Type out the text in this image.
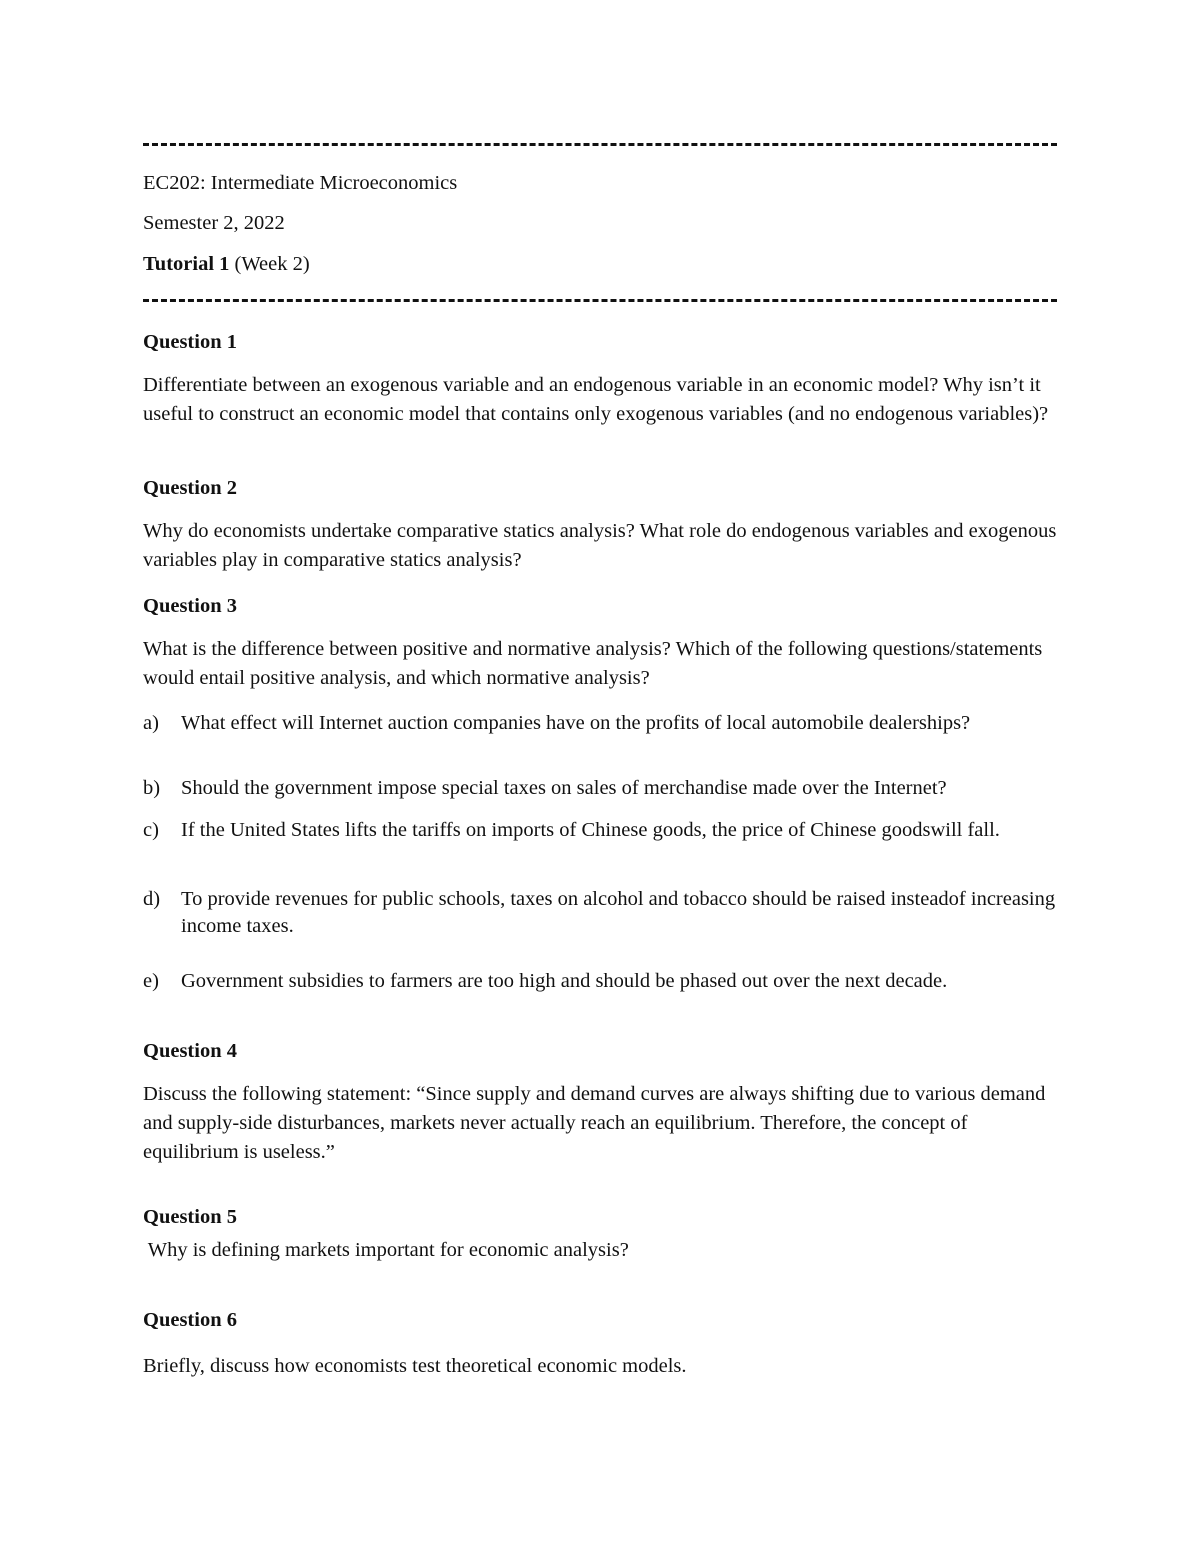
EC202: Intermediate Microeconomics
Semester 2, 2022
Tutorial 1 (Week 2)
Question 1
Differentiate between an exogenous variable and an endogenous variable in an economic model? Why isn’t it useful to construct an economic model that contains only exogenous variables (and no endogenous variables)?
Question 2
Why do economists undertake comparative statics analysis? What role do endogenous variables and exogenous variables play in comparative statics analysis?
Question 3
What is the difference between positive and normative analysis? Which of the following questions/statements would entail positive analysis, and which normative analysis?
a) What effect will Internet auction companies have on the profits of local automobile dealerships?
b) Should the government impose special taxes on sales of merchandise made over the Internet?
c) If the United States lifts the tariffs on imports of Chinese goods, the price of Chinese goodswill fall.
d) To provide revenues for public schools, taxes on alcohol and tobacco should be raised insteadof increasing income taxes.
e) Government subsidies to farmers are too high and should be phased out over the next decade.
Question 4
Discuss the following statement: “Since supply and demand curves are always shifting due to various demand and supply-side disturbances, markets never actually reach an equilibrium. Therefore, the concept of equilibrium is useless.”
Question 5
Why is defining markets important for economic analysis?
Question 6
Briefly, discuss how economists test theoretical economic models.
